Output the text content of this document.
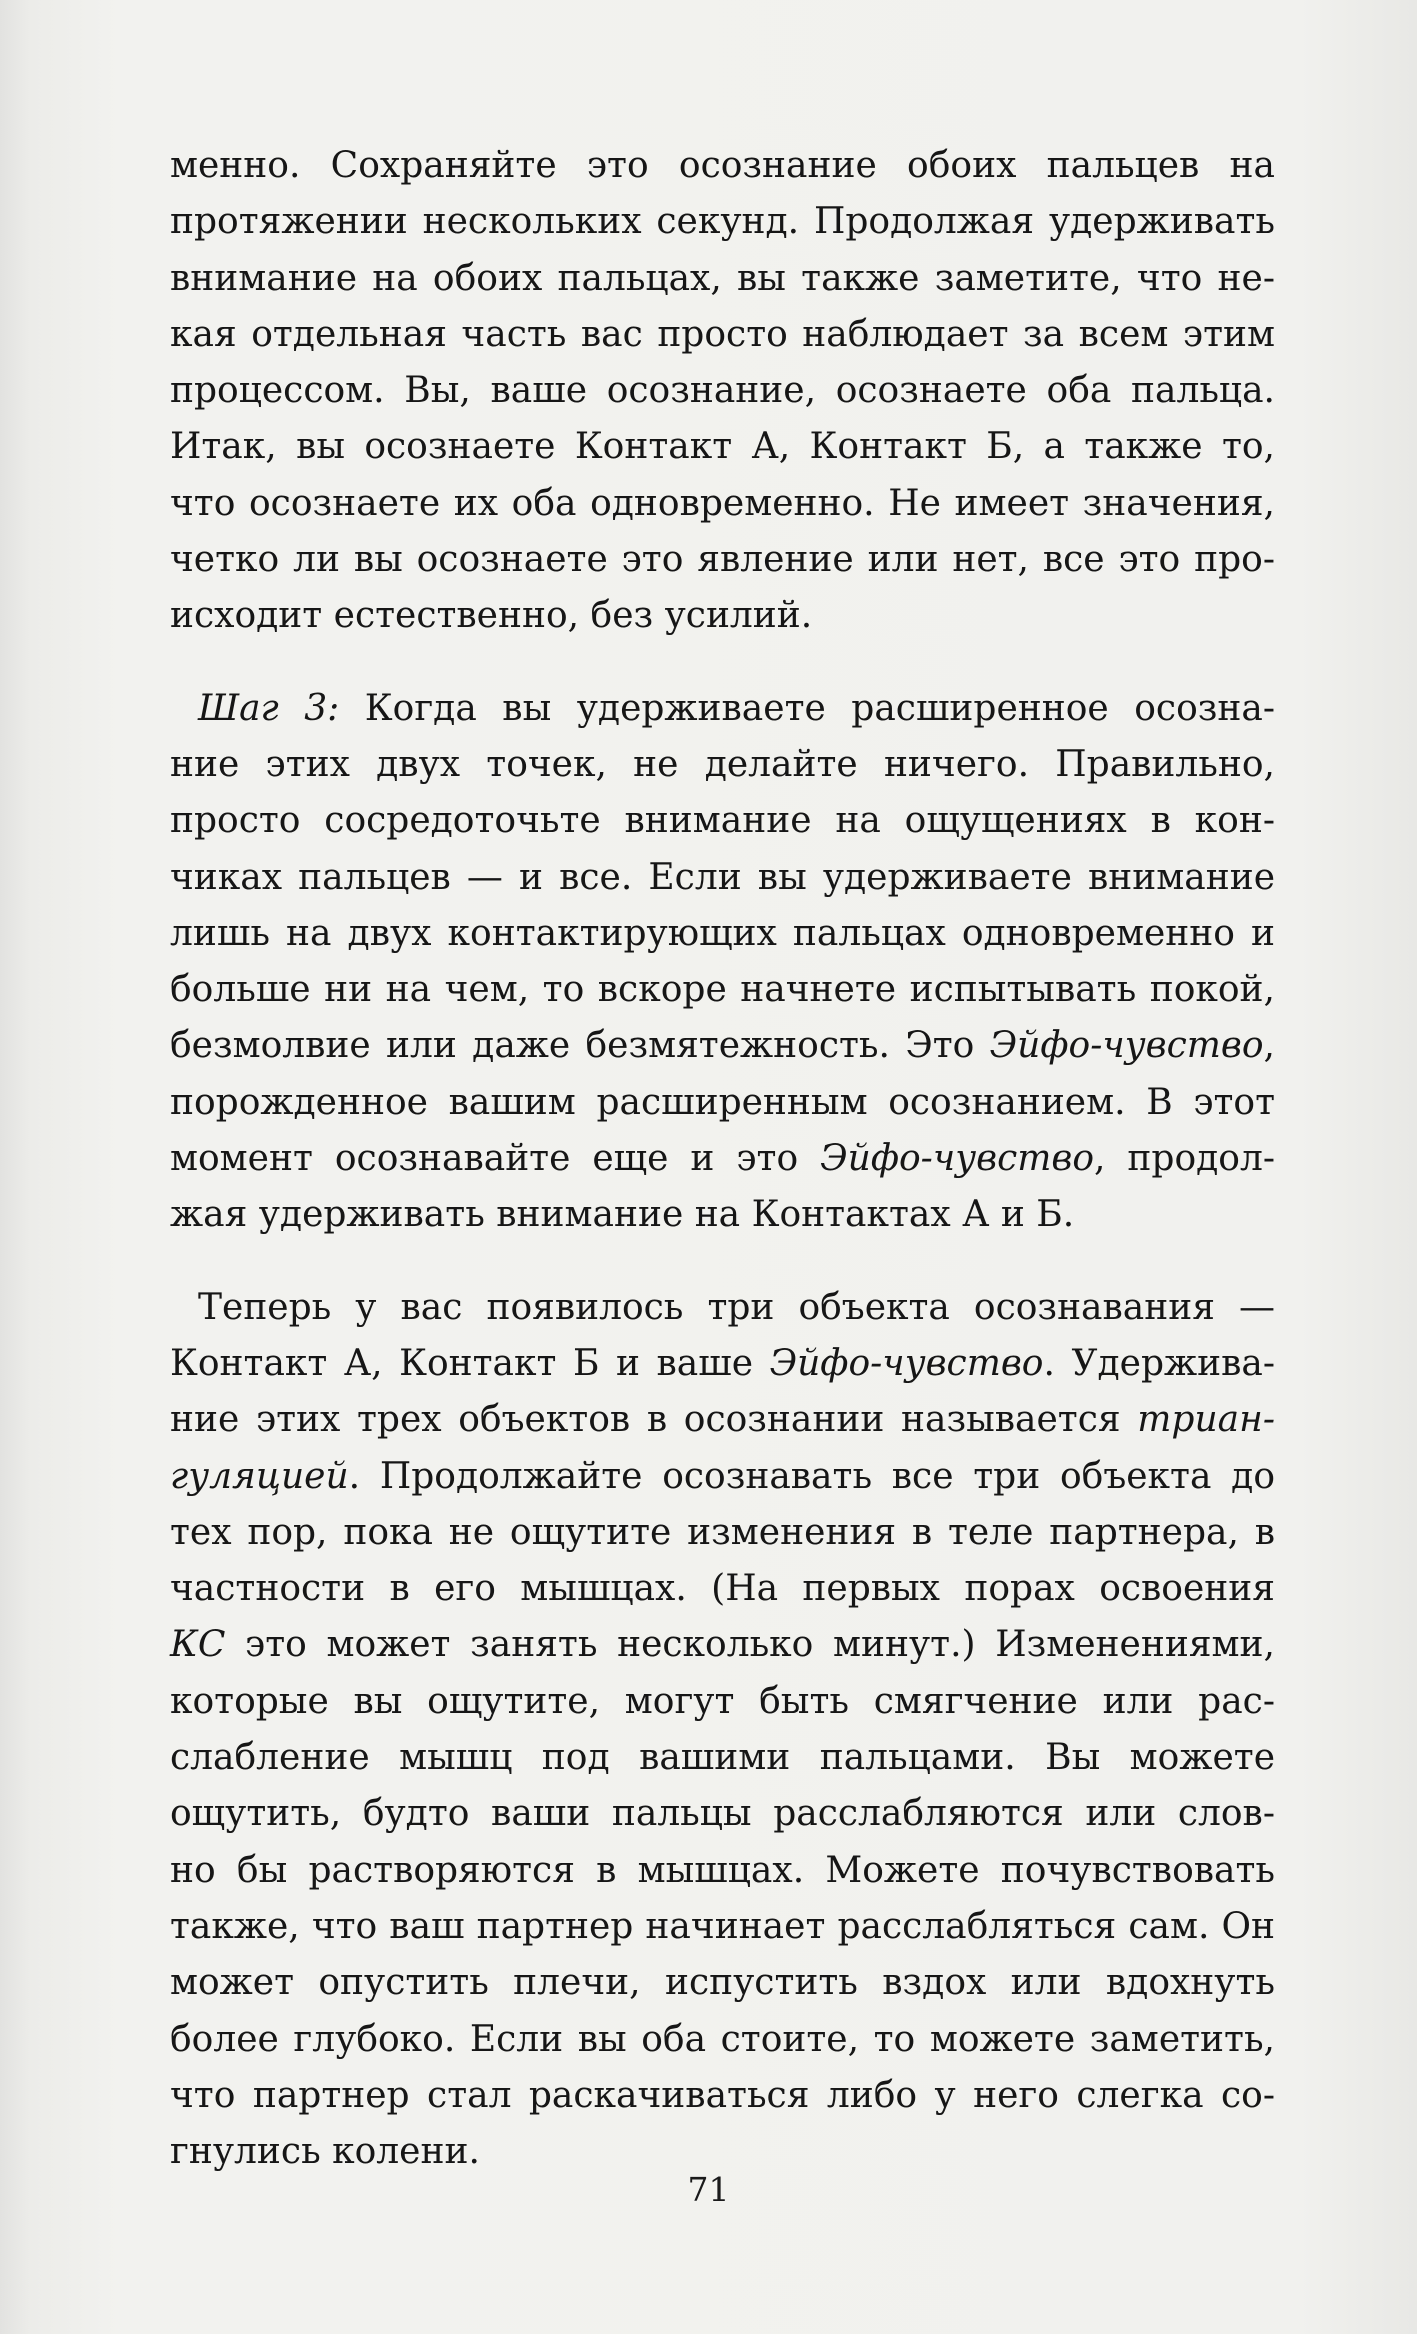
менно. Сохраняйте это осознание обоих пальцев на
протяжении нескольких секунд. Продолжая удерживать
внимание на обоих пальцах, вы также заметите, что не-
кая отдельная часть вас просто наблюдает за всем этим
процессом. Вы, ваше осознание, осознаете оба пальца.
Итак, вы осознаете Контакт А, Контакт Б, а также то,
что осознаете их оба одновременно. Не имеет значения,
четко ли вы осознаете это явление или нет, все это про-
исходит естественно, без усилий.
Шаг 3: Когда вы удерживаете расширенное осозна-
ние этих двух точек, не делайте ничего. Правильно,
просто сосредоточьте внимание на ощущениях в кон-
чиках пальцев — и все. Если вы удерживаете внимание
лишь на двух контактирующих пальцах одновременно и
больше ни на чем, то вскоре начнете испытывать покой,
безмолвие или даже безмятежность. Это Эйфо-чувство,
порожденное вашим расширенным осознанием. В этот
момент осознавайте еще и это Эйфо-чувство, продол-
жая удерживать внимание на Контактах А и Б.
Теперь у вас появилось три объекта осознавания —
Контакт А, Контакт Б и ваше Эйфо-чувство. Удержива-
ние этих трех объектов в осознании называется триан-
гуляцией. Продолжайте осознавать все три объекта до
тех пор, пока не ощутите изменения в теле партнера, в
частности в его мышцах. (На первых порах освоения
КС это может занять несколько минут.) Изменениями,
которые вы ощутите, могут быть смягчение или рас-
слабление мышц под вашими пальцами. Вы можете
ощутить, будто ваши пальцы расслабляются или слов-
но бы растворяются в мышцах. Можете почувствовать
также, что ваш партнер начинает расслабляться сам. Он
может опустить плечи, испустить вздох или вдохнуть
более глубоко. Если вы оба стоите, то можете заметить,
что партнер стал раскачиваться либо у него слегка со-
гнулись колени.
71
